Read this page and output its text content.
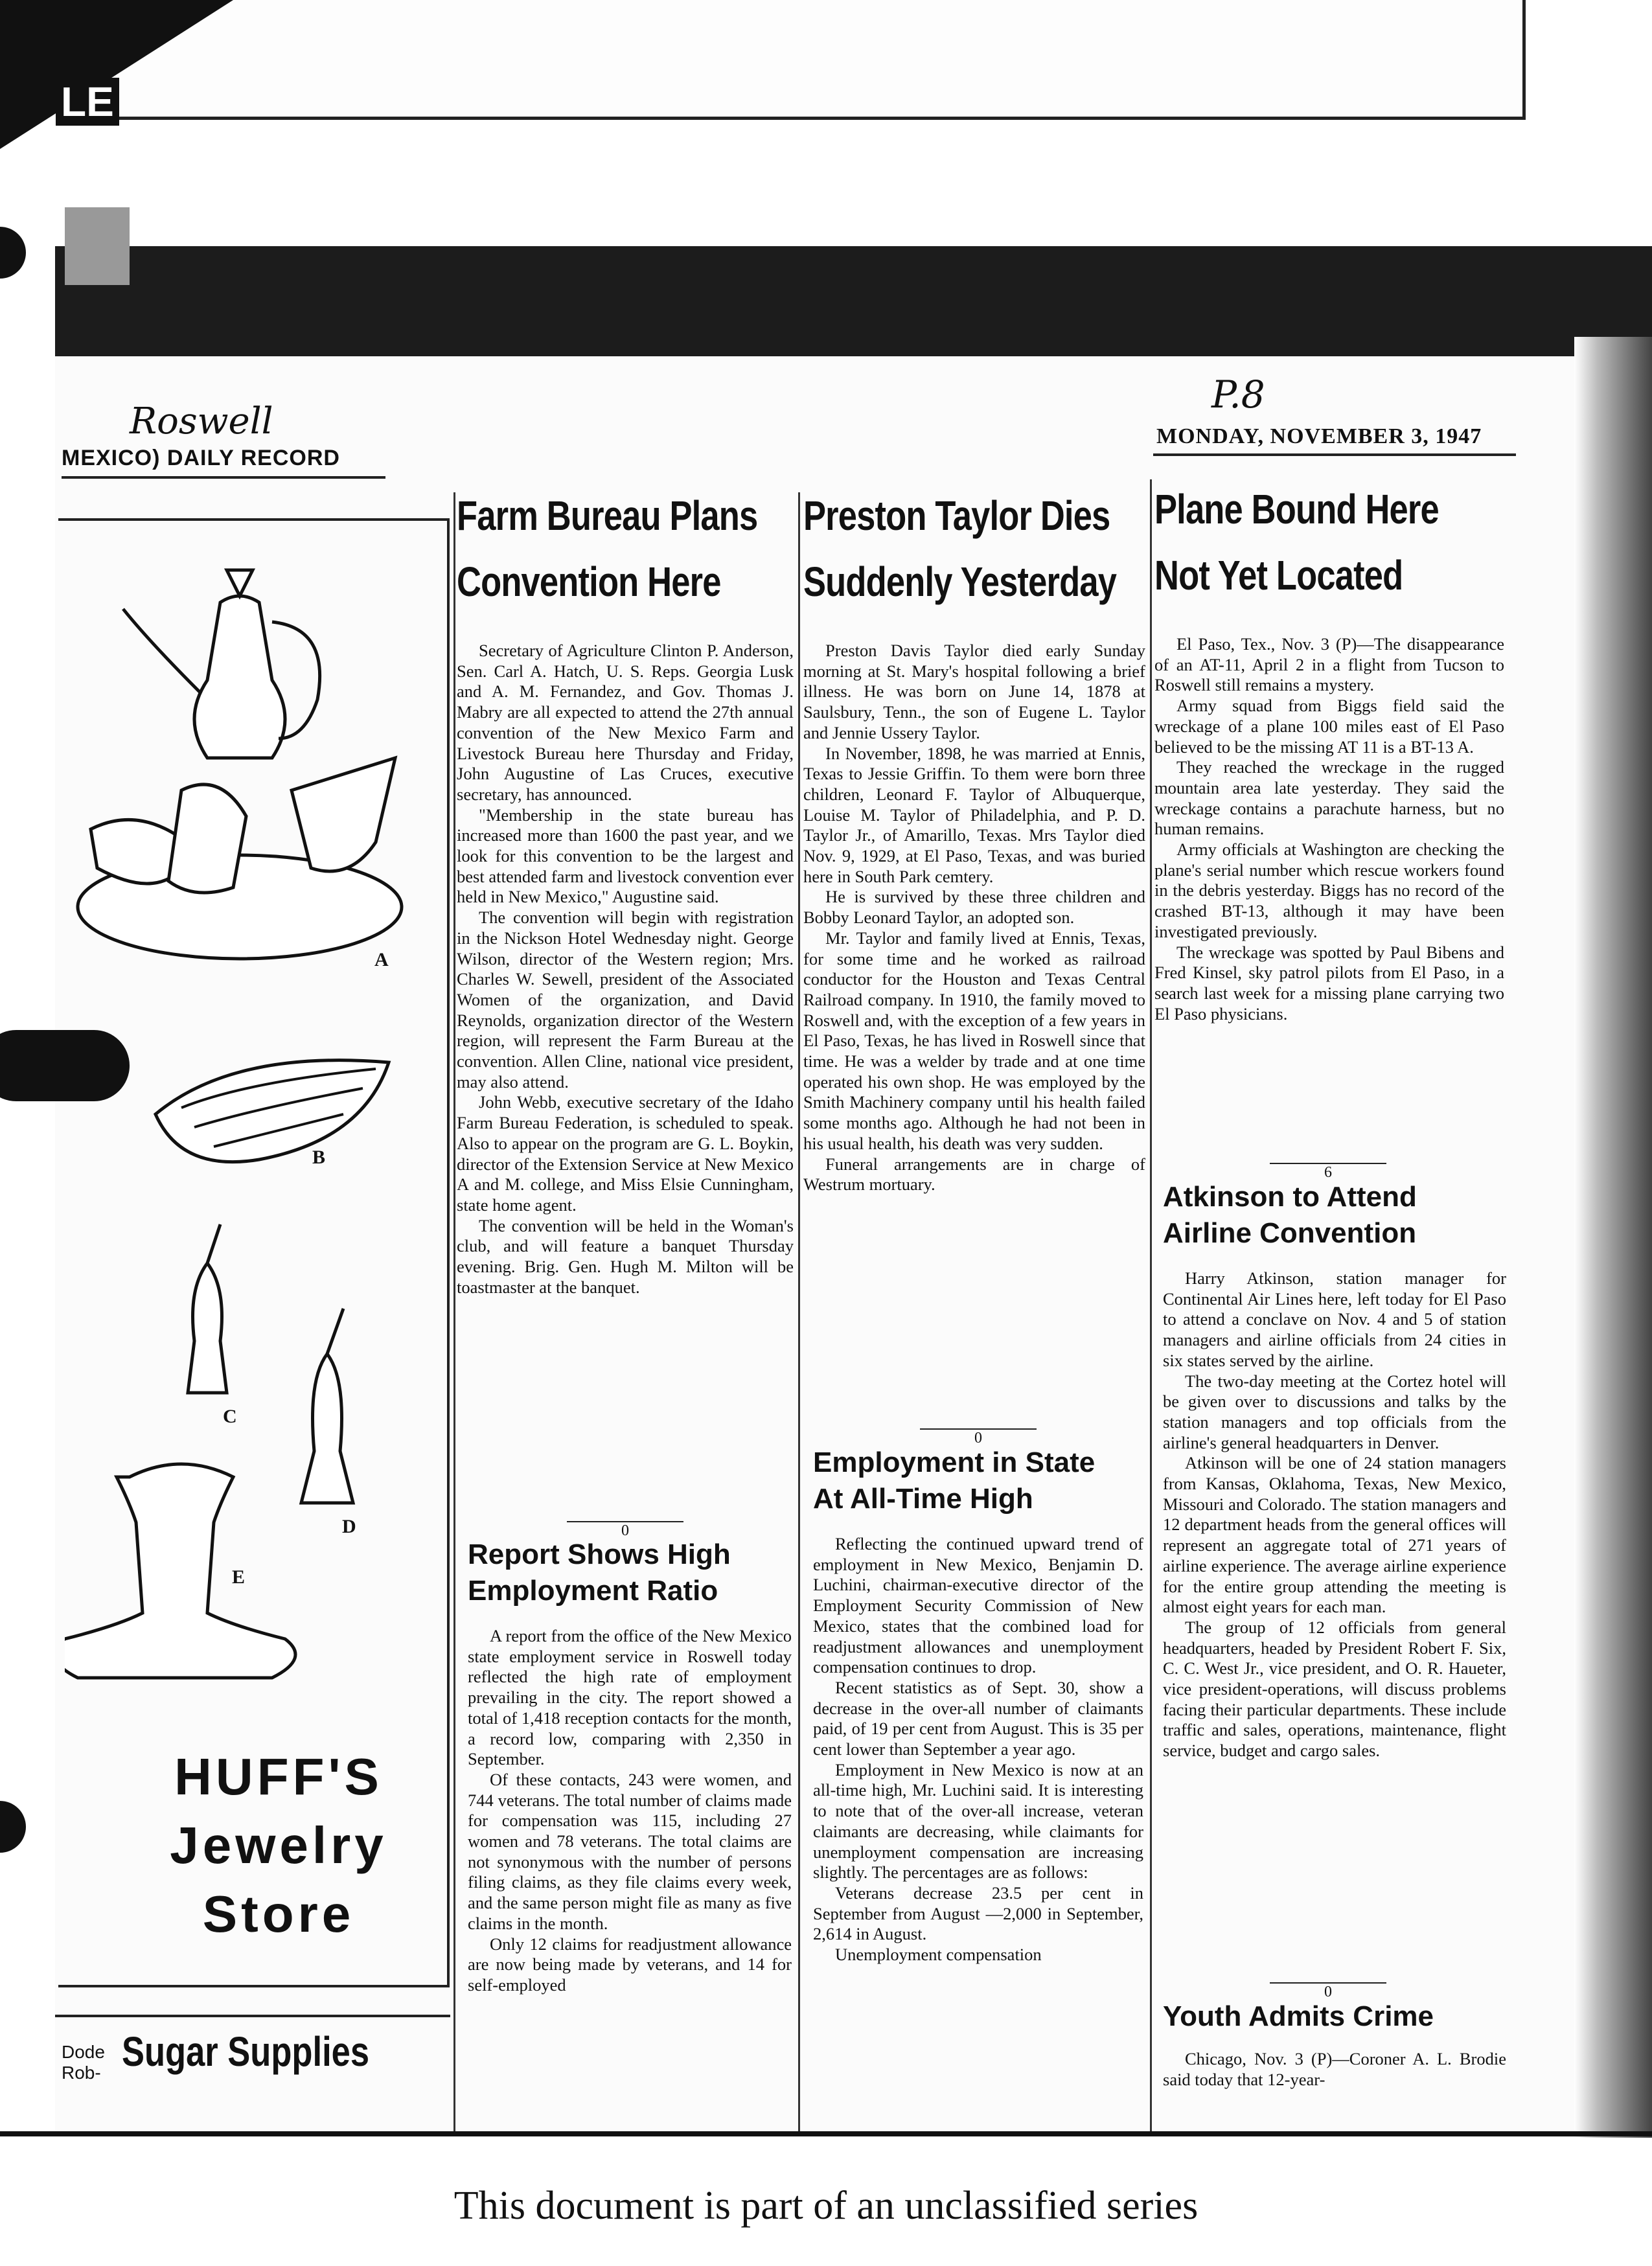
LE
Roswell
P.8
MEXICO) DAILY RECORD
MONDAY, NOVEMBER 3, 1947
A
B
C
D
E
HUFF'S
Jewelry
Store
Farm Bureau Plans
Convention Here

Secretary of Agriculture Clinton P. Anderson, Sen. Carl A. Hatch, U. S. Reps. Georgia Lusk and A. M. Fernandez, and Gov. Thomas J. Mabry are all expected to attend the 27th annual convention of the New Mexico Farm and Livestock Bureau here Thursday and Friday, John Augustine of Las Cruces, executive secretary, has announced.

"Membership in the state bureau has increased more than 1600 the past year, and we look for this convention to be the largest and best attended farm and livestock convention ever held in New Mexico," Augustine said.

The convention will begin with registration in the Nickson Hotel Wednesday night. George Wilson, director of the Western region; Mrs. Charles W. Sewell, president of the Associated Women of the organization, and David Reynolds, organization director of the Western region, will represent the Farm Bureau at the convention. Allen Cline, national vice president, may also attend.

John Webb, executive secretary of the Idaho Farm Bureau Federation, is scheduled to speak. Also to appear on the program are G. L. Boykin, director of the Extension Service at New Mexico A and M. college, and Miss Elsie Cunningham, state home agent.

The convention will be held in the Woman's club, and will feature a banquet Thursday evening. Brig. Gen. Hugh M. Milton will be toastmaster at the banquet.

0
Report Shows High
Employment Ratio

A report from the office of the New Mexico state employment service in Roswell today reflected the high rate of employment prevailing in the city. The report showed a total of 1,418 reception contacts for the month, a record low, comparing with 2,350 in September.

Of these contacts, 243 were women, and 744 veterans. The total number of claims made for compensation was 115, including 27 women and 78 veterans. The total claims are not synonymous with the number of persons filing claims, as they file claims every week, and the same person might file as many as five claims in the month.

Only 12 claims for readjustment allowance are now being made by veterans, and 14 for self-employed

Preston Taylor Dies
Suddenly Yesterday

Preston Davis Taylor died early Sunday morning at St. Mary's hospital following a brief illness. He was born on June 14, 1878 at Saulsbury, Tenn., the son of Eugene L. Taylor and Jennie Ussery Taylor.

In November, 1898, he was married at Ennis, Texas to Jessie Griffin. To them were born three children, Leonard F. Taylor of Albuquerque, Louise M. Taylor of Philadelphia, and P. D. Taylor Jr., of Amarillo, Texas. Mrs Taylor died Nov. 9, 1929, at El Paso, Texas, and was buried here in South Park cemtery.

He is survived by these three children and Bobby Leonard Taylor, an adopted son.

Mr. Taylor and family lived at Ennis, Texas, for some time and he worked as railroad conductor for the Houston and Texas Central Railroad company. In 1910, the family moved to Roswell and, with the exception of a few years in El Paso, Texas, he has lived in Roswell since that time. He was a welder by trade and at one time operated his own shop. He was employed by the Smith Machinery company until his health failed some months ago. Although he had not been in his usual health, his death was very sudden.

Funeral arrangements are in charge of Westrum mortuary.

0
Employment in State
At All-Time High

Reflecting the continued upward trend of employment in New Mexico, Benjamin D. Luchini, chairman-executive director of the Employment Security Commission of New Mexico, states that the combined load for readjustment allowances and unemployment compensation continues to drop.

Recent statistics as of Sept. 30, show a decrease in the over-all number of claimants paid, of 19 per cent from August. This is 35 per cent lower than September a year ago.

Employment in New Mexico is now at an all-time high, Mr. Luchini said. It is interesting to note that of the over-all increase, veteran claimants are decreasing, while claimants for unemployment compensation are increasing slightly. The percentages are as follows:

Veterans decrease 23.5 per cent in September from August —2,000 in September, 2,614 in August.

Unemployment compensation

Plane Bound Here
Not Yet Located

El Paso, Tex., Nov. 3 (P)—The disappearance of an AT-11, April 2 in a flight from Tucson to Roswell still remains a mystery.

Army squad from Biggs field said the wreckage of a plane 100 miles east of El Paso believed to be the missing AT 11 is a BT-13 A.

They reached the wreckage in the rugged mountain area late yesterday. They said the wreckage contains a parachute harness, but no human remains.

Army officials at Washington are checking the plane's serial number which rescue workers found in the debris yesterday. Biggs has no record of the crashed BT-13, although it may have been investigated previously.

The wreckage was spotted by Paul Bibens and Fred Kinsel, sky patrol pilots from El Paso, in a search last week for a missing plane carrying two El Paso physicians.

6
Atkinson to Attend
Airline Convention

Harry Atkinson, station manager for Continental Air Lines here, left today for El Paso to attend a conclave on Nov. 4 and 5 of station managers and airline officials from 24 cities in six states served by the airline.

The two-day meeting at the Cortez hotel will be given over to discussions and talks by the station managers and top officials from the airline's general headquarters in Denver.

Atkinson will be one of 24 station managers from Kansas, Oklahoma, Texas, New Mexico, Missouri and Colorado. The station managers and 12 department heads from the general offices will represent an aggregate total of 271 years of airline experience. The average airline experience for the entire group attending the meeting is almost eight years for each man.

The group of 12 officials from general headquarters, headed by President Robert F. Six, C. C. West Jr., vice president, and O. R. Haueter, vice president-operations, will discuss problems facing their particular departments. These include traffic and sales, operations, maintenance, flight service, budget and cargo sales.

0
Youth Admits Crime

Chicago, Nov. 3 (P)—Coroner A. L. Brodie said today that 12-year-

Dode
Rob- Sugar Supplies
This document is part of an unclassified series
